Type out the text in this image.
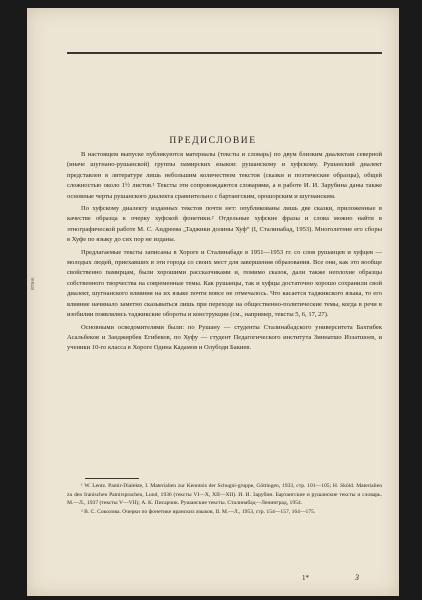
ПРЕДИСЛОВИЕ

В настоящем выпуске публикуются материалы (тексты и словарь) по двум близким диалектам северной (иначе шугнано-рушанской) группы памирских языков: рушанскому и хуфскому. Рушанский диалект представлен в литературе лишь небольшим количеством текстов (сказки и поэтические образцы), общей сложностью около 1½ листов.¹ Тексты эти сопровождаются словарями, а в работе И. И. Зарубина даны также основные черты рушанского диалекта сравнительно с бартангским, орошорским и шугнанским.

По хуфскому диалекту изданных текстов почти нет: опубликованы лишь две сказки, приложенные в качестве образца к очерку хуфской фонетики.² Отдельные хуфские фразы и слова можно найти в этнографической работе М. С. Андреева „Таджики долины Хуф“ (I, Сталинабад, 1953). Многолетние его сборы в Хуфе по языку до сих пор не изданы.

Предлагаемые тексты записаны в Хороге и Сталинабаде в 1951—1953 гг. со слов рушанцев и хуфцев — молодых людей, приехавших в эти города со своих мест для завершения образования. Все они, как это вообще свойственно памирцам, были хорошими рассказчиками и, помимо сказок, дали также неплохие образцы собственного творчества на современные темы. Как рушанцы, так и хуфцы достаточно хорошо сохранили свой диалект, шугнанского влияния на их языке почти вовсе не отмечалось. Что касается таджикского языка, то его влияние начинало заметно сказываться лишь при переходе на общественно-политические темы, когда в речи в изобилии появлялись таджикские обороты и конструкции (см., например, тексты 5, 6, 17, 27).

Основными осведомителями были: по Рушану — студенты Сталинабадского университета Бахтибек Асальбеков и Занджирбек Егибеков, по Хуфу — студент Педагогического института Зиннатшо Иззатшоев, и ученики 10-го класса в Хороге Одина Кадамов и Олубоди Бакиев.

¹ W. Lentz. Pamir-Dialekte, I. Materialien zur Kenntnis der Schugni-gruppe, Göttingen, 1933, стр. 101—105; H. Sköld. Materialien zu den Iranischen Pamirsprachen, Lund, 1936 (тексты VI—X, XII—XII). И. И. Зарубин. Бартангские и рушанские тексты и словарь. М.—Л., 1937 (тексты V—VII); А. К. Писарчик. Рушанские тексты. Сталинабад—Ленинград, 1954.

² В. С. Соколова. Очерки по фонетике иранских языков, II. М.—Л., 1953, стр. 154—157, 164—175.

1*	3
ВТБЖ
